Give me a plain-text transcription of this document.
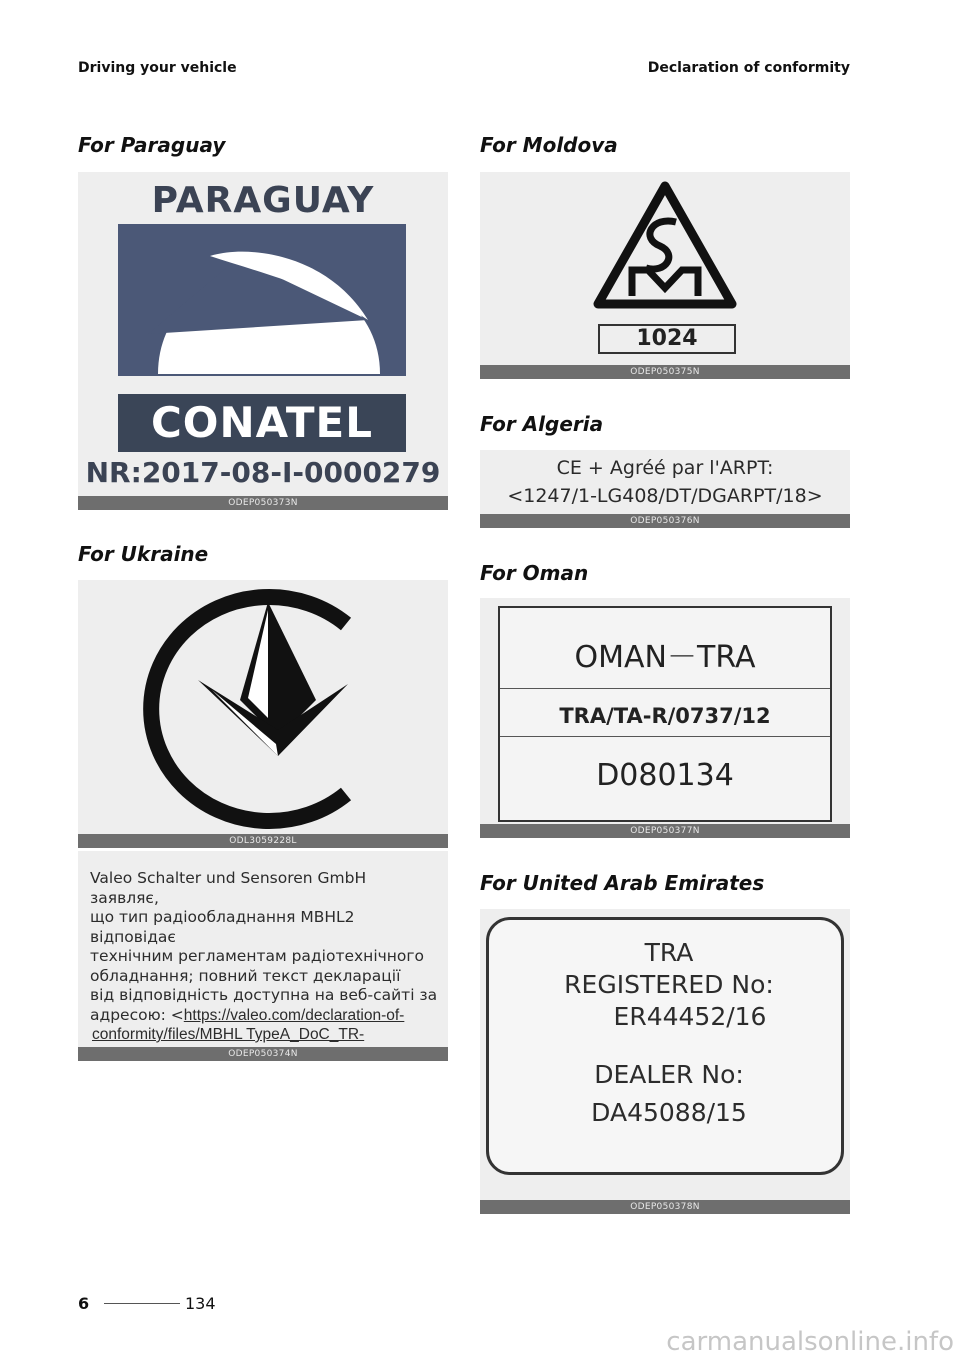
Driving your vehicle	Declaration of conformity
For Paraguay
PARAGUAY
CONATEL
NR:2017-08-I-0000279
ODEP050373N
For Ukraine
ODL3059228L
Valeo Schalter und Sensoren GmbH заявляє,
що тип радіообладнання MBHL2 відповідає
технічним регламентам радіотехнічного
обладнання; повний текст декларації
від відповідність доступна на веб-сайті за
адресою: <https://valeo.com/declaration-of-
conformity/files/MBHL TypeA_DoC_TR-
ODEP050374N
For Moldova
1024
ODEP050375N
For Algeria
CE + Agréé par l'ARPT:
<1247/1-LG408/DT/DGARPT/18>
ODEP050376N
For Oman
OMAN－TRA
TRA/TA-R/0737/12
D080134
ODEP050377N
For United Arab Emirates
TRA
REGISTERED No:
ER44452/16
DEALER No:
DA45088/15
ODEP050378N
6	134
carmanualsonline.info
